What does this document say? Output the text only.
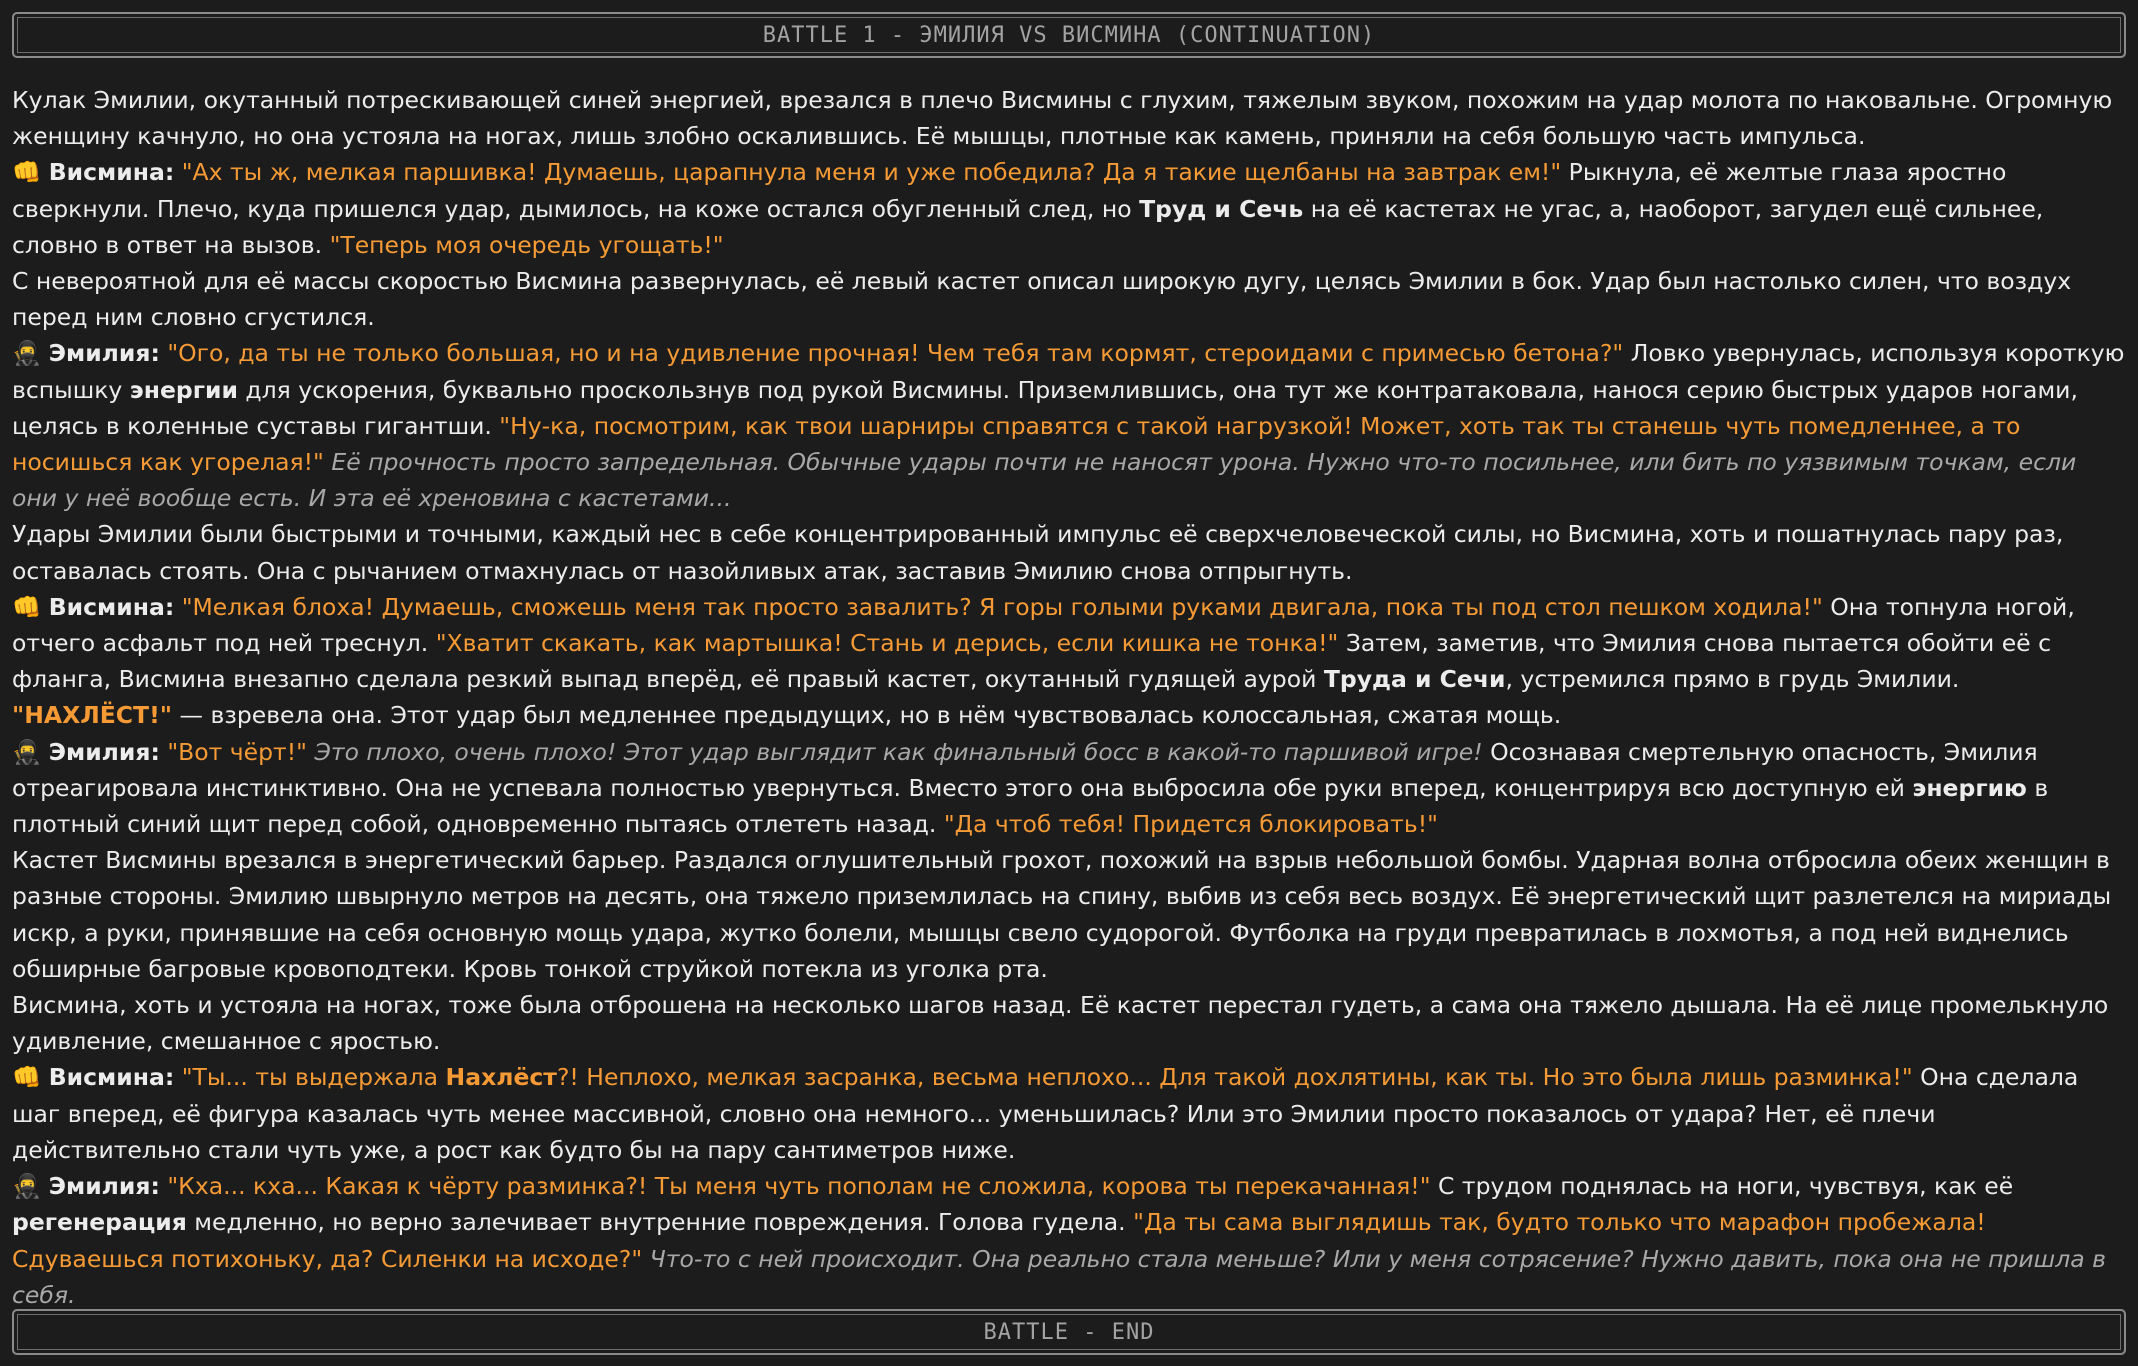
BATTLE 1 - ЭМИЛИЯ VS ВИСМИНА (CONTINUATION)

Кулак Эмилии, окутанный потрескивающей синей энергией, врезался в плечо Висмины с глухим, тяжелым звуком, похожим на удар молота по наковальне. Огромную женщину качнуло, но она устояла на ногах, лишь злобно оскалившись. Её мышцы, плотные как камень, приняли на себя большую часть импульса.

👊 Висмина: "Ах ты ж, мелкая паршивка! Думаешь, царапнула меня и уже победила? Да я такие щелбаны на завтрак ем!" Рыкнула, её желтые глаза яростно сверкнули. Плечо, куда пришелся удар, дымилось, на коже остался обугленный след, но Труд и Сечь на её кастетах не угас, а, наоборот, загудел ещё сильнее, словно в ответ на вызов. "Теперь моя очередь угощать!"

С невероятной для её массы скоростью Висмина развернулась, её левый кастет описал широкую дугу, целясь Эмилии в бок. Удар был настолько силен, что воздух перед ним словно сгустился.

🥷 Эмилия: "Ого, да ты не только большая, но и на удивление прочная! Чем тебя там кормят, стероидами с примесью бетона?" Ловко увернулась, используя короткую вспышку энергии для ускорения, буквально проскользнув под рукой Висмины. Приземлившись, она тут же контратаковала, нанося серию быстрых ударов ногами, целясь в коленные суставы гигантши. "Ну-ка, посмотрим, как твои шарниры справятся с такой нагрузкой! Может, хоть так ты станешь чуть помедленнее, а то носишься как угорелая!" Её прочность просто запредельная. Обычные удары почти не наносят урона. Нужно что-то посильнее, или бить по уязвимым точкам, если они у неё вообще есть. И эта её хреновина с кастетами...

Удары Эмилии были быстрыми и точными, каждый нес в себе концентрированный импульс её сверхчеловеческой силы, но Висмина, хоть и пошатнулась пару раз, оставалась стоять. Она с рычанием отмахнулась от назойливых атак, заставив Эмилию снова отпрыгнуть.

👊 Висмина: "Мелкая блоха! Думаешь, сможешь меня так просто завалить? Я горы голыми руками двигала, пока ты под стол пешком ходила!" Она топнула ногой, отчего асфальт под ней треснул. "Хватит скакать, как мартышка! Стань и дерись, если кишка не тонка!" Затем, заметив, что Эмилия снова пытается обойти её с фланга, Висмина внезапно сделала резкий выпад вперёд, её правый кастет, окутанный гудящей аурой Труда и Сечи, устремился прямо в грудь Эмилии. "НАХЛЁСТ!" — взревела она. Этот удар был медленнее предыдущих, но в нём чувствовалась колоссальная, сжатая мощь.

🥷 Эмилия: "Вот чёрт!" Это плохо, очень плохо! Этот удар выглядит как финальный босс в какой-то паршивой игре! Осознавая смертельную опасность, Эмилия отреагировала инстинктивно. Она не успевала полностью увернуться. Вместо этого она выбросила обе руки вперед, концентрируя всю доступную ей энергию в плотный синий щит перед собой, одновременно пытаясь отлететь назад. "Да чтоб тебя! Придется блокировать!"

Кастет Висмины врезался в энергетический барьер. Раздался оглушительный грохот, похожий на взрыв небольшой бомбы. Ударная волна отбросила обеих женщин в разные стороны. Эмилию швырнуло метров на десять, она тяжело приземлилась на спину, выбив из себя весь воздух. Её энергетический щит разлетелся на мириады искр, а руки, принявшие на себя основную мощь удара, жутко болели, мышцы свело судорогой. Футболка на груди превратилась в лохмотья, а под ней виднелись обширные багровые кровоподтеки. Кровь тонкой струйкой потекла из уголка рта.

Висмина, хоть и устояла на ногах, тоже была отброшена на несколько шагов назад. Её кастет перестал гудеть, а сама она тяжело дышала. На её лице промелькнуло удивление, смешанное с яростью.

👊 Висмина: "Ты... ты выдержала Нахлёст?! Неплохо, мелкая засранка, весьма неплохо... Для такой дохлятины, как ты. Но это была лишь разминка!" Она сделала шаг вперед, её фигура казалась чуть менее массивной, словно она немного... уменьшилась? Или это Эмилии просто показалось от удара? Нет, её плечи действительно стали чуть уже, а рост как будто бы на пару сантиметров ниже.

🥷 Эмилия: "Кха... кха... Какая к чёрту разминка?! Ты меня чуть пополам не сложила, корова ты перекачанная!" С трудом поднялась на ноги, чувствуя, как её регенерация медленно, но верно залечивает внутренние повреждения. Голова гудела. "Да ты сама выглядишь так, будто только что марафон пробежала! Сдуваешься потихоньку, да? Силенки на исходе?" Что-то с ней происходит. Она реально стала меньше? Или у меня сотрясение? Нужно давить, пока она не пришла в себя.

BATTLE - END
